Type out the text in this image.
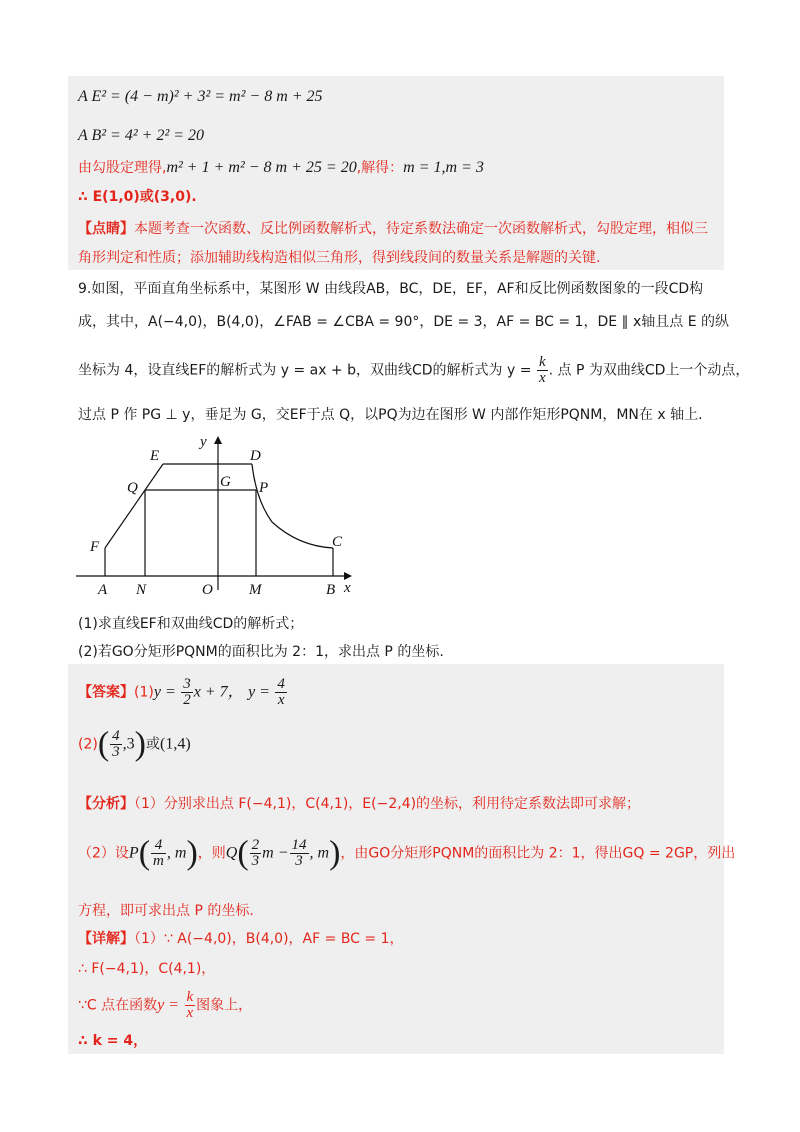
A E² = (4 − m)² + 3² = m² − 8 m + 25
A B² = 4² + 2² = 20
由勾股定理得,m² + 1 + m² − 8 m + 25 = 20,解得：m = 1,m = 3
∴ E(1,0)或(3,0).
【点睛】本题考查一次函数、反比例函数解析式，待定系数法确定一次函数解析式，勾股定理，相似三
角形判定和性质；添加辅助线构造相似三角形，得到线段间的数量关系是解题的关键.
9.如图，平面直角坐标系中，某图形 W 由线段AB，BC，DE，EF，AF和反比例函数图象的一段CD构
成，其中，A(−4,0)，B(4,0)，∠FAB = ∠CBA = 90°，DE = 3，AF = BC = 1，DE ∥ x轴且点 E 的纵
坐标为 4，设直线EF的解析式为 y = ax + b，双曲线CD的解析式为 $y = \frac{k}{x}$ . 点 P 为双曲线CD上一个动点，
过点 P 作 PG ⊥ y，垂足为 G，交EF于点 Q，以PQ为边在图形 W 内部作矩形PQNM，MN在 x 轴上.
y
E	D
Q	G P
F	C
A N	O M	B x
(1)求直线EF和双曲线CD的解析式；
(2)若GO分矩形PQNM的面积比为 2：1，求出点 P 的坐标.
【答案】$(1)y = \frac{3}{2}$ x + 7， $y = \frac{4}{x}$
$(2)( \frac{4}{3} ,3)$或(1,4)
【分析】（1）分别求出点 F(−4,1)，C(4,1)，E(−2,4)的坐标，利用待定系数法即可求解；
（2）设$P( \frac{4}{m}$ , m)，则$Q( \frac{2}{3}$ $m - \frac{14}{3}$ , m)，由GO分矩形PQNM的面积比为 2：1，得出GQ = 2GP，列出
方程，即可求出点 P 的坐标.
【详解】（1）∵ A(−4,0)，B(4,0)，AF = BC = 1，
∴ F(−4,1)，C(4,1)，
∵C 点在函数$y = \frac{k}{x}$ 图象上，
∴ k = 4，
